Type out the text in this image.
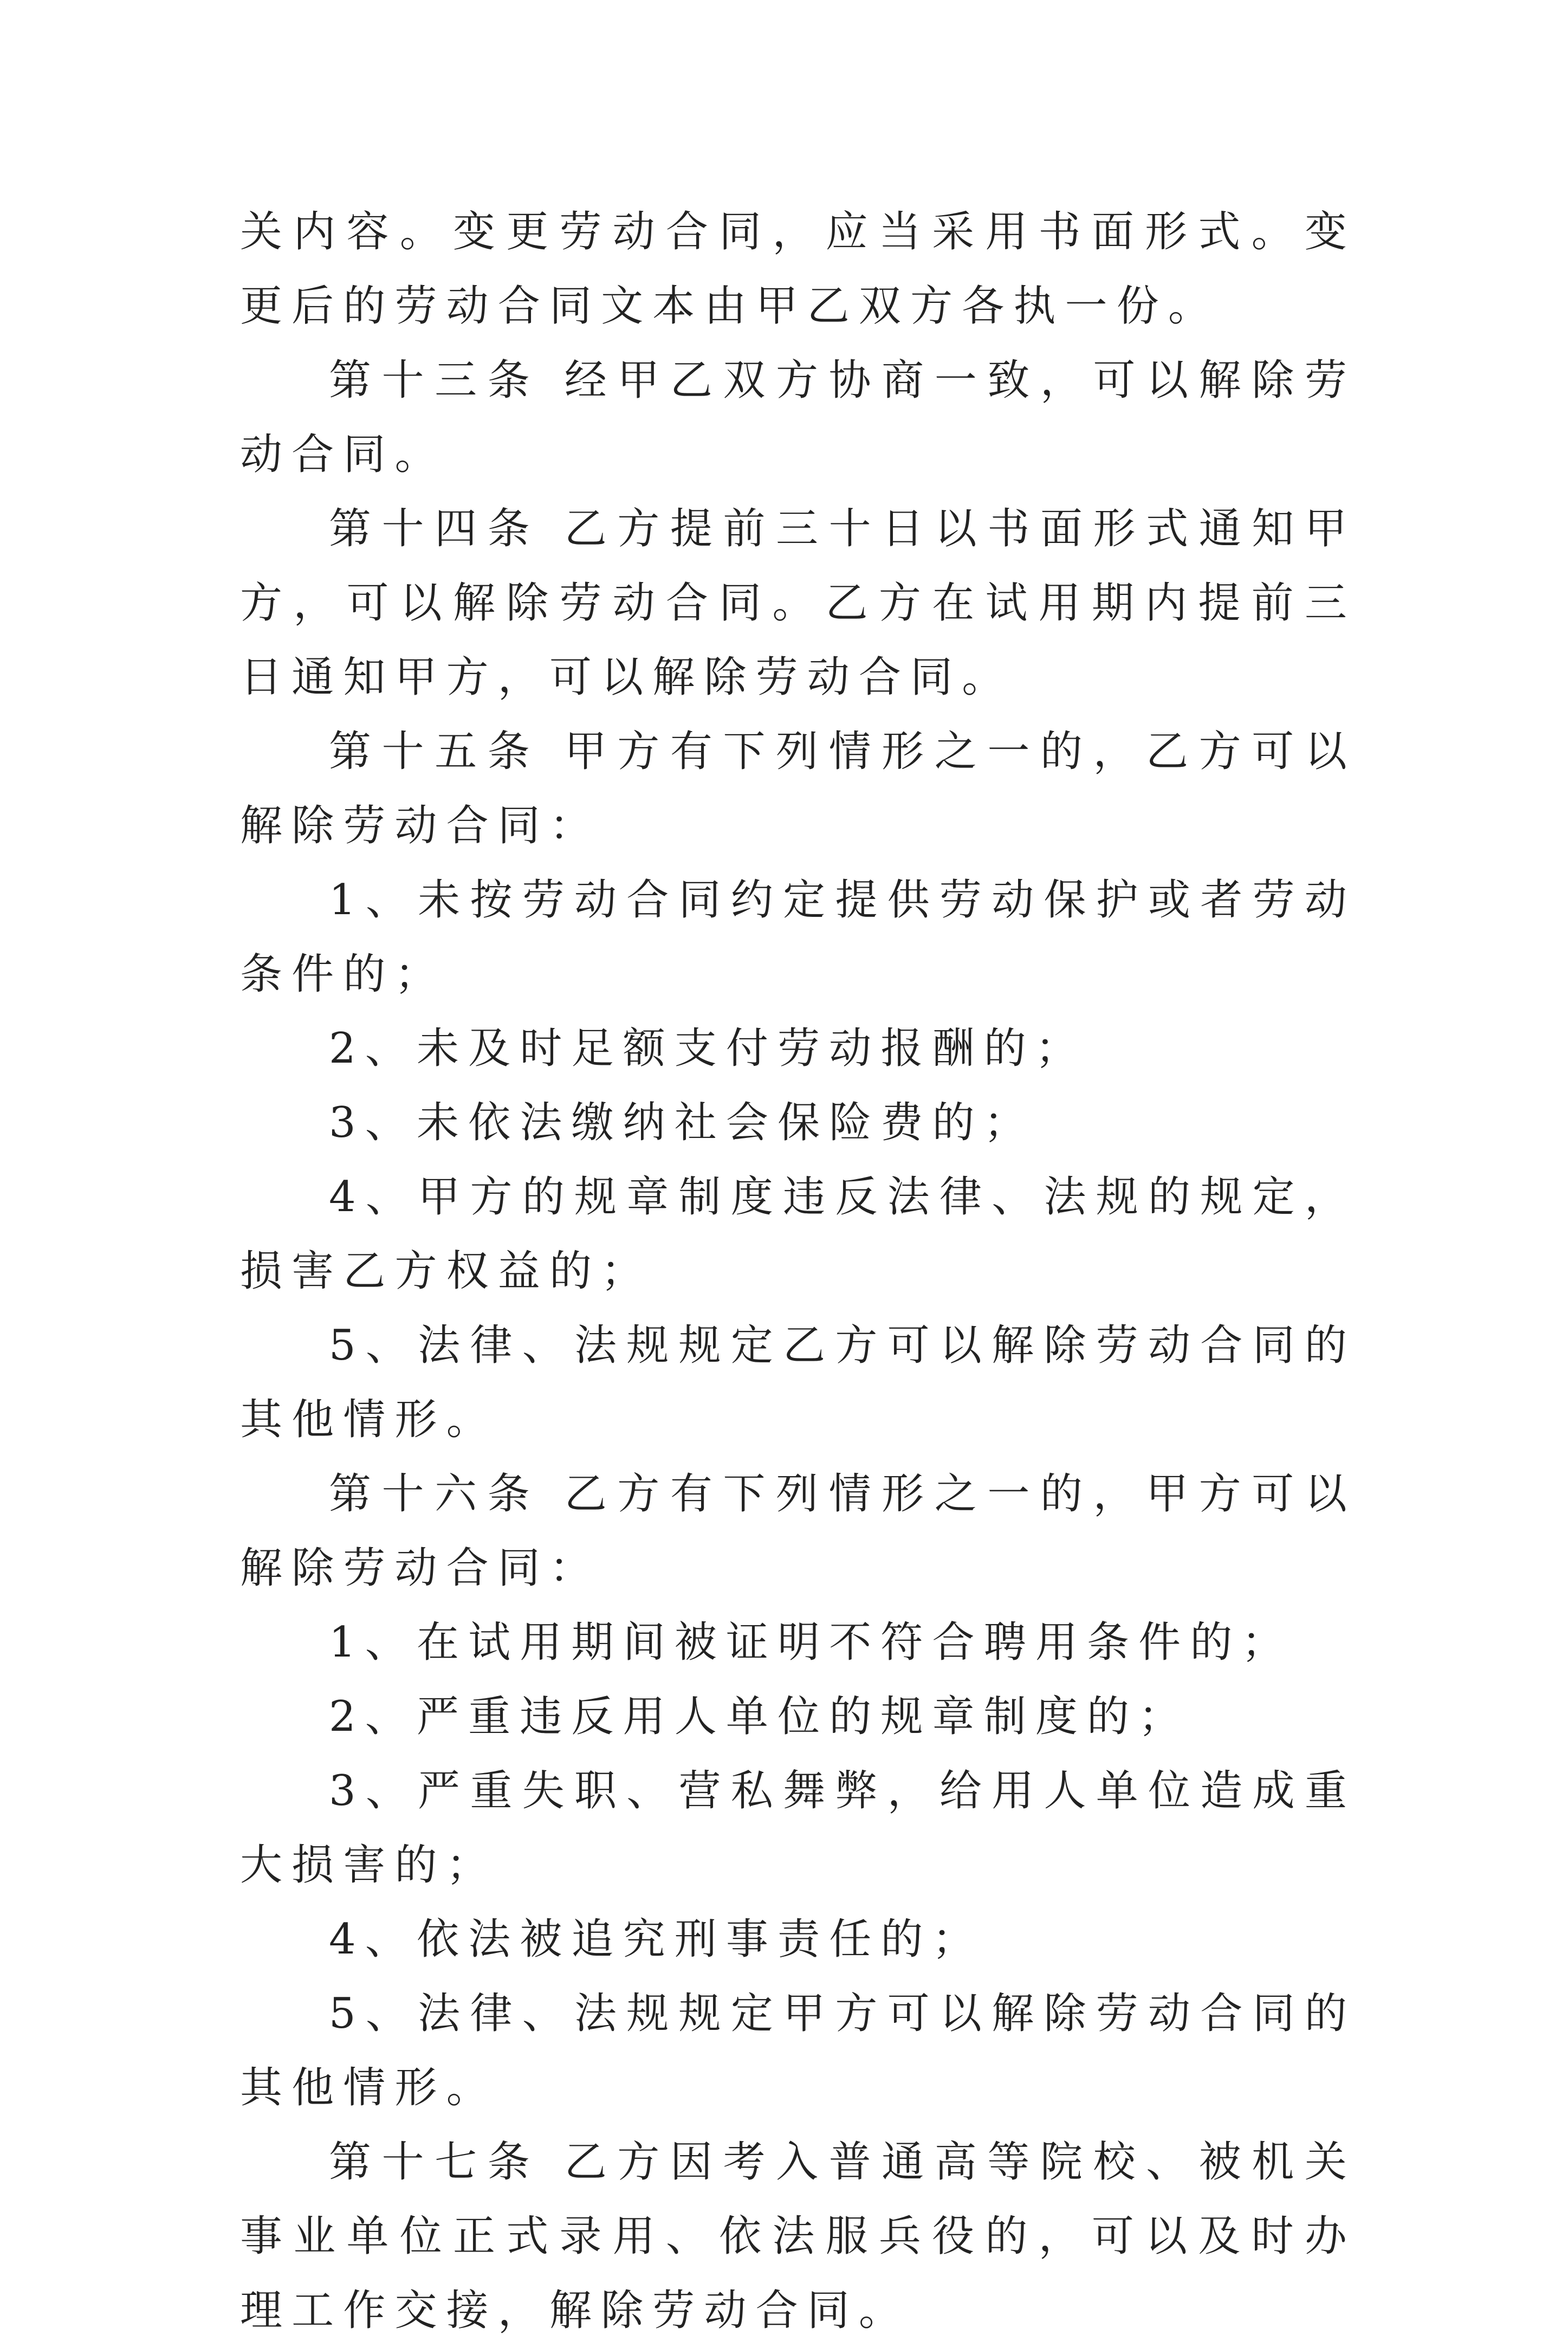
关内容。变更劳动合同，应当采用书面形式。变更后的劳动合同文本由甲乙双方各执一份。

第十三条 经甲乙双方协商一致，可以解除劳动合同。

第十四条 乙方提前三十日以书面形式通知甲方，可以解除劳动合同。乙方在试用期内提前三日通知甲方，可以解除劳动合同。

第十五条 甲方有下列情形之一的，乙方可以解除劳动合同：

1、未按劳动合同约定提供劳动保护或者劳动条件的；

2、未及时足额支付劳动报酬的；

3、未依法缴纳社会保险费的；

4、甲方的规章制度违反法律、法规的规定，损害乙方权益的；

5、法律、法规规定乙方可以解除劳动合同的其他情形。

第十六条 乙方有下列情形之一的，甲方可以解除劳动合同：

1、在试用期间被证明不符合聘用条件的；

2、严重违反用人单位的规章制度的；

3、严重失职、营私舞弊，给用人单位造成重大损害的；

4、依法被追究刑事责任的；

5、法律、法规规定甲方可以解除劳动合同的其他情形。

第十七条 乙方因考入普通高等院校、被机关事业单位正式录用、依法服兵役的，可以及时办理工作交接，解除劳动合同。
